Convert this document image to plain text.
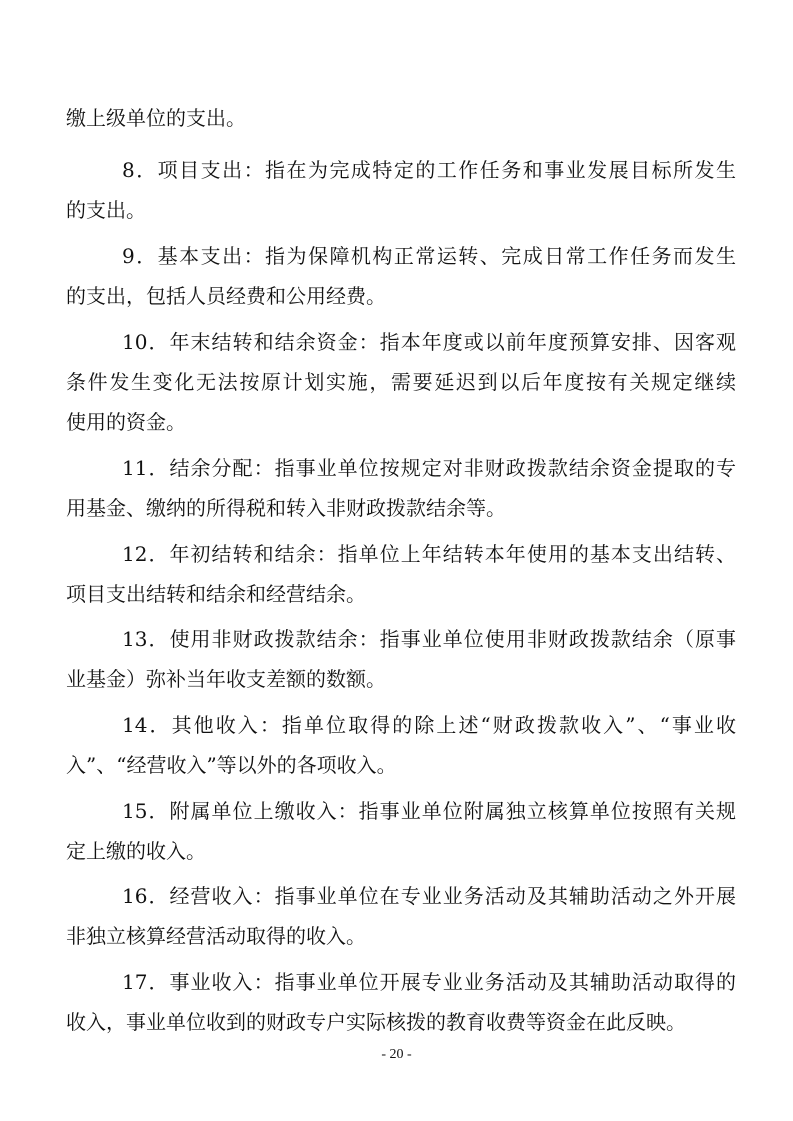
缴上级单位的支出。
8．项目支出：指在为完成特定的工作任务和事业发展目标所发生
的支出。
9．基本支出：指为保障机构正常运转、完成日常工作任务而发生
的支出，包括人员经费和公用经费。
10．年末结转和结余资金：指本年度或以前年度预算安排、因客观
条件发生变化无法按原计划实施，需要延迟到以后年度按有关规定继续
使用的资金。
11．结余分配：指事业单位按规定对非财政拨款结余资金提取的专
用基金、缴纳的所得税和转入非财政拨款结余等。
12．年初结转和结余：指单位上年结转本年使用的基本支出结转、
项目支出结转和结余和经营结余。
13．使用非财政拨款结余：指事业单位使用非财政拨款结余（原事
业基金）弥补当年收支差额的数额。
14．其他收入：指单位取得的除上述“财政拨款收入”、“事业收
入”、“经营收入”等以外的各项收入。
15．附属单位上缴收入：指事业单位附属独立核算单位按照有关规
定上缴的收入。
16．经营收入：指事业单位在专业业务活动及其辅助活动之外开展
非独立核算经营活动取得的收入。
17．事业收入：指事业单位开展专业业务活动及其辅助活动取得的
收入，事业单位收到的财政专户实际核拨的教育收费等资金在此反映。
- 20 -
